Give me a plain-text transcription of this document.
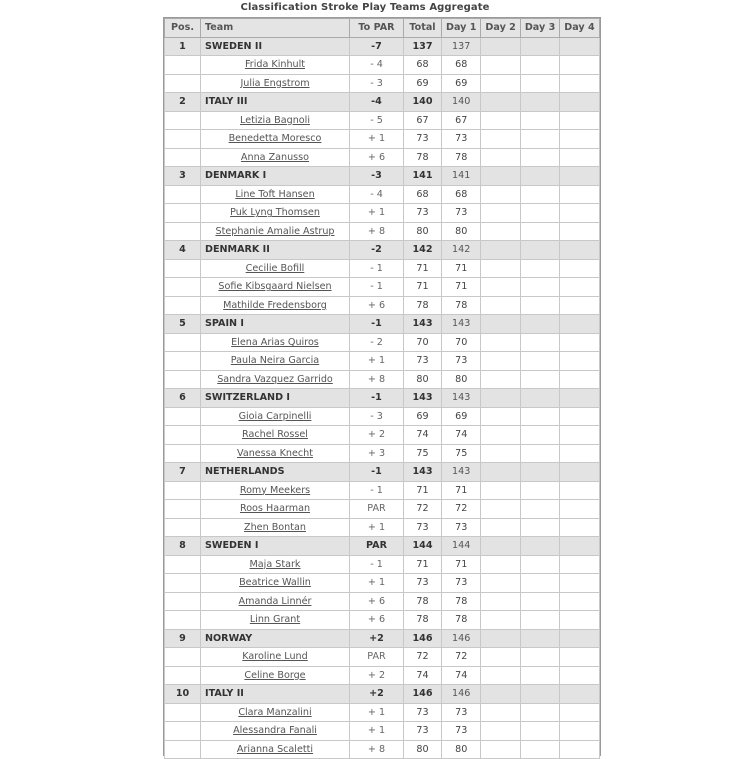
Classification Stroke Play Teams Aggregate
Pos.	Team	To PAR	Total	Day 1	Day 2	Day 3	Day 4
1	SWEDEN II	-7	137	137			
	Frida Kinhult	- 4	68	68			
	Julia Engstrom	- 3	69	69			
2	ITALY III	-4	140	140			
	Letizia Bagnoli	- 5	67	67			
	Benedetta Moresco	+ 1	73	73			
	Anna Zanusso	+ 6	78	78			
3	DENMARK I	-3	141	141			
	Line Toft Hansen	- 4	68	68			
	Puk Lyng Thomsen	+ 1	73	73			
	Stephanie Amalie Astrup	+ 8	80	80			
4	DENMARK II	-2	142	142			
	Cecilie Bofill	- 1	71	71			
	Sofie Kibsgaard Nielsen	- 1	71	71			
	Mathilde Fredensborg	+ 6	78	78			
5	SPAIN I	-1	143	143			
	Elena Arias Quiros	- 2	70	70			
	Paula Neira Garcia	+ 1	73	73			
	Sandra Vazquez Garrido	+ 8	80	80			
6	SWITZERLAND I	-1	143	143			
	Gioia Carpinelli	- 3	69	69			
	Rachel Rossel	+ 2	74	74			
	Vanessa Knecht	+ 3	75	75			
7	NETHERLANDS	-1	143	143			
	Romy Meekers	- 1	71	71			
	Roos Haarman	PAR	72	72			
	Zhen Bontan	+ 1	73	73			
8	SWEDEN I	PAR	144	144			
	Maja Stark	- 1	71	71			
	Beatrice Wallin	+ 1	73	73			
	Amanda Linnér	+ 6	78	78			
	Linn Grant	+ 6	78	78			
9	NORWAY	+2	146	146			
	Karoline Lund	PAR	72	72			
	Celine Borge	+ 2	74	74			
10	ITALY II	+2	146	146			
	Clara Manzalini	+ 1	73	73			
	Alessandra Fanali	+ 1	73	73			
	Arianna Scaletti	+ 8	80	80			
